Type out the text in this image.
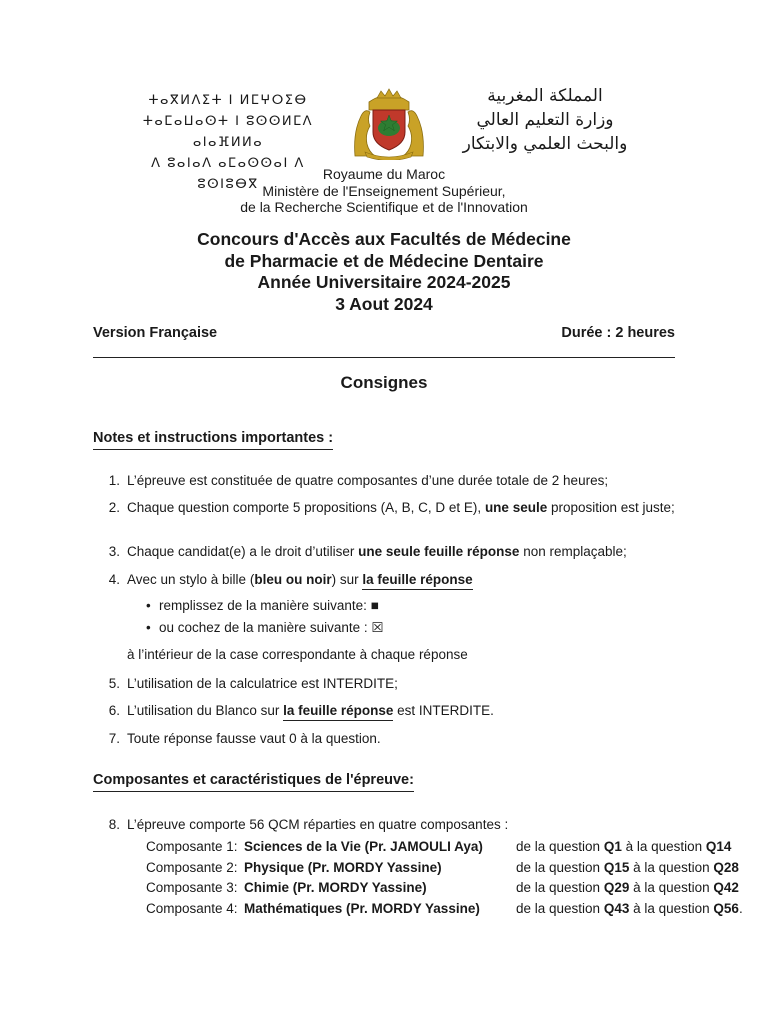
ⵜⴰⴳⵍⴷⵉⵜ ⵏ ⵍⵎⵖⵔⵉⴱ
ⵜⴰⵎⴰⵡⴰⵙⵜ ⵏ ⵓⵙⵙⵍⵎⴷ ⴰⵏⴰⴼⵍⵍⴰ
ⴷ ⵓⴰⵏⴰⴷ ⴰⵎⴰⵙⵙⴰⵏ ⴷ ⵓⵙⵏⵓⴱⴳ
المملكة المغربية
وزارة التعليم العالي
والبحث العلمي والابتكار
Royaume du Maroc
Ministère de l'Enseignement Supérieur,
de la Recherche Scientifique et de l'Innovation
Concours d'Accès aux Facultés de Médecine
de Pharmacie et de Médecine Dentaire
Année Universitaire 2024-2025
3 Aout 2024
Version Française	Durée : 2 heures
Consignes
Notes et instructions importantes :
1. L’épreuve est constituée de quatre composantes d’une durée totale de 2 heures;
2. Chaque question comporte 5 propositions (A, B, C, D et E), une seule proposition est juste;
3. Chaque candidat(e) a le droit d’utiliser une seule feuille réponse non remplaçable;
4. Avec un stylo à bille (bleu ou noir) sur la feuille réponse
• remplissez de la manière suivante: ■
• ou cochez de la manière suivante : ☒
à l’intérieur de la case correspondante à chaque réponse
5. L’utilisation de la calculatrice est INTERDITE;
6. L’utilisation du Blanco sur la feuille réponse est INTERDITE.
7. Toute réponse fausse vaut 0 à la question.
Composantes et caractéristiques de l'épreuve:
8. L’épreuve comporte 56 QCM réparties en quatre composantes :
Composante 1: Sciences de la Vie (Pr. JAMOULI Aya) de la question Q1 à la question Q14
Composante 2: Physique (Pr. MORDY Yassine)	de la question Q15 à la question Q28
Composante 3: Chimie (Pr. MORDY Yassine)	de la question Q29 à la question Q42
Composante 4: Mathématiques (Pr. MORDY Yassine)	de la question Q43 à la question Q56.
